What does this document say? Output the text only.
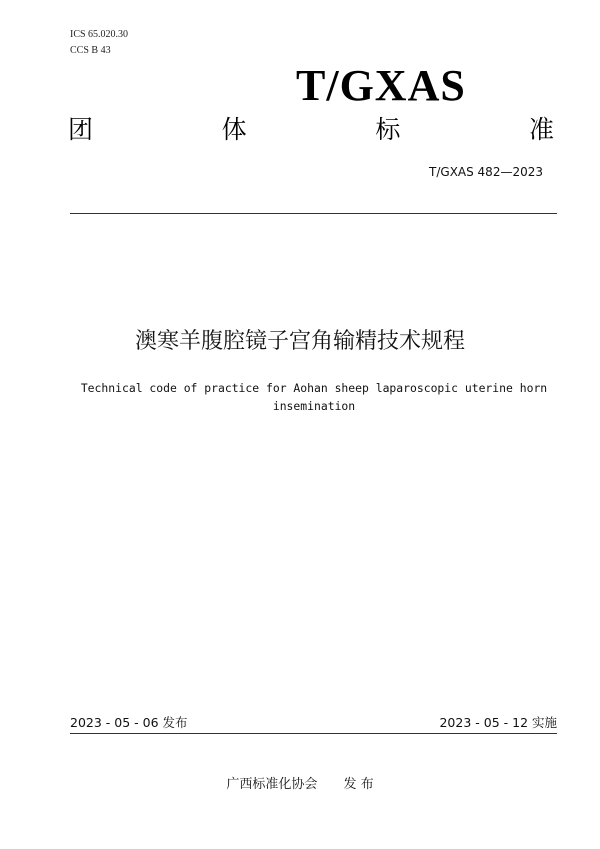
ICS 65.020.30
CCS B 43
T/GXAS
团	体	标	准
T/GXAS 482—2023
澳寒羊腹腔镜子宫角输精技术规程
Technical code of practice for Aohan sheep laparoscopic uterine horn insemination
2023 - 05 - 06 发布	2023 - 05 - 12 实施
广西标准化协会 发 布
